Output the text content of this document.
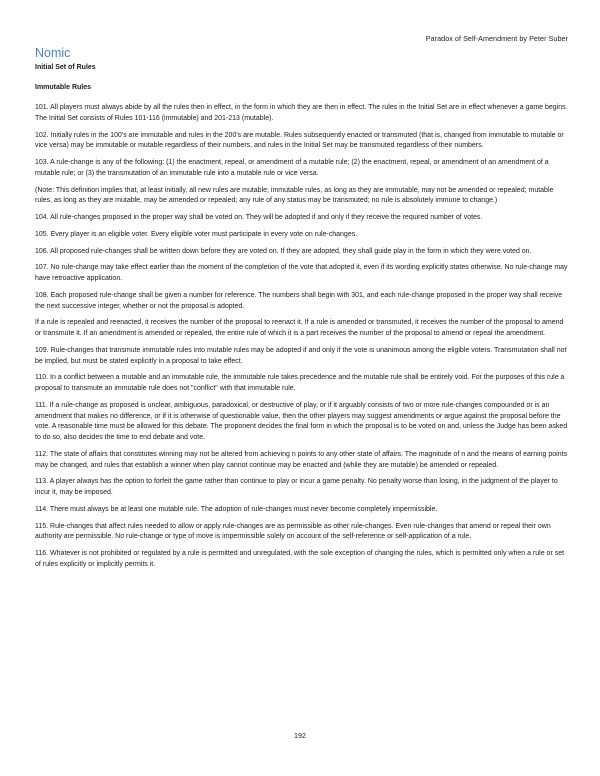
Paradox of Self-Amendment by Peter Suber
Nomic
Initial Set of Rules
Immutable Rules

101. All players must always abide by all the rules then in effect, in the form in which they are then in effect. The rules in the Initial Set are in effect whenever a game begins. The Initial Set consists of Rules 101-116 (immutable) and 201-213 (mutable).

102. Initially rules in the 100's are immutable and rules in the 200's are mutable. Rules subsequently enacted or transmuted (that is, changed from immutable to mutable or vice versa) may be immutable or mutable regardless of their numbers, and rules in the Initial Set may be transmuted regardless of their numbers.

103. A rule-change is any of the following: (1) the enactment, repeal, or amendment of a mutable rule; (2) the enactment, repeal, or amendment of an amendment of a mutable rule; or (3) the transmutation of an immutable rule into a mutable rule or vice versa.

(Note: This definition implies that, at least initially, all new rules are mutable; immutable rules, as long as they are immutable, may not be amended or repealed; mutable rules, as long as they are mutable, may be amended or repealed; any rule of any status may be transmuted; no rule is absolutely immune to change.)

104. All rule-changes proposed in the proper way shall be voted on. They will be adopted if and only if they receive the required number of votes.

105. Every player is an eligible voter. Every eligible voter must participate in every vote on rule-changes.

106. All proposed rule-changes shall be written down before they are voted on. If they are adopted, they shall guide play in the form in which they were voted on.

107. No rule-change may take effect earlier than the moment of the completion of the vote that adopted it, even if its wording explicitly states otherwise. No rule-change may have retroactive application.

108. Each proposed rule-change shall be given a number for reference. The numbers shall begin with 301, and each rule-change proposed in the proper way shall receive the next successive integer, whether or not the proposal is adopted.

If a rule is repealed and reenacted, it receives the number of the proposal to reenact it. If a rule is amended or transmuted, it receives the number of the proposal to amend or transmute it. If an amendment is amended or repealed, the entire rule of which it is a part receives the number of the proposal to amend or repeal the amendment.

109. Rule-changes that transmute immutable rules into mutable rules may be adopted if and only if the vote is unanimous among the eligible voters. Transmutation shall not be implied, but must be stated explicitly in a proposal to take effect.

110. In a conflict between a mutable and an immutable rule, the immutable rule takes precedence and the mutable rule shall be entirely void. For the purposes of this rule a proposal to transmute an immutable rule does not "conflict" with that immutable rule.

111. If a rule-change as proposed is unclear, ambiguous, paradoxical, or destructive of play, or if it arguably consists of two or more rule-changes compounded or is an amendment that makes no difference, or if it is otherwise of questionable value, then the other players may suggest amendments or argue against the proposal before the vote. A reasonable time must be allowed for this debate. The proponent decides the final form in which the proposal is to be voted on and, unless the Judge has been asked to do so, also decides the time to end debate and vote.

112. The state of affairs that constitutes winning may not be altered from achieving n points to any other state of affairs. The magnitude of n and the means of earning points may be changed, and rules that establish a winner when play cannot continue may be enacted and (while they are mutable) be amended or repealed.

113. A player always has the option to forfeit the game rather than continue to play or incur a game penalty. No penalty worse than losing, in the judgment of the player to incur it, may be imposed.

114. There must always be at least one mutable rule. The adoption of rule-changes must never become completely impermissible.

115. Rule-changes that affect rules needed to allow or apply rule-changes are as permissible as other rule-changes. Even rule-changes that amend or repeal their own authority are permissible. No rule-change or type of move is impermissible solely on account of the self-reference or self-application of a rule.

116. Whatever is not prohibited or regulated by a rule is permitted and unregulated, with the sole exception of changing the rules, which is permitted only when a rule or set of rules explicitly or implicitly permits it.

192
